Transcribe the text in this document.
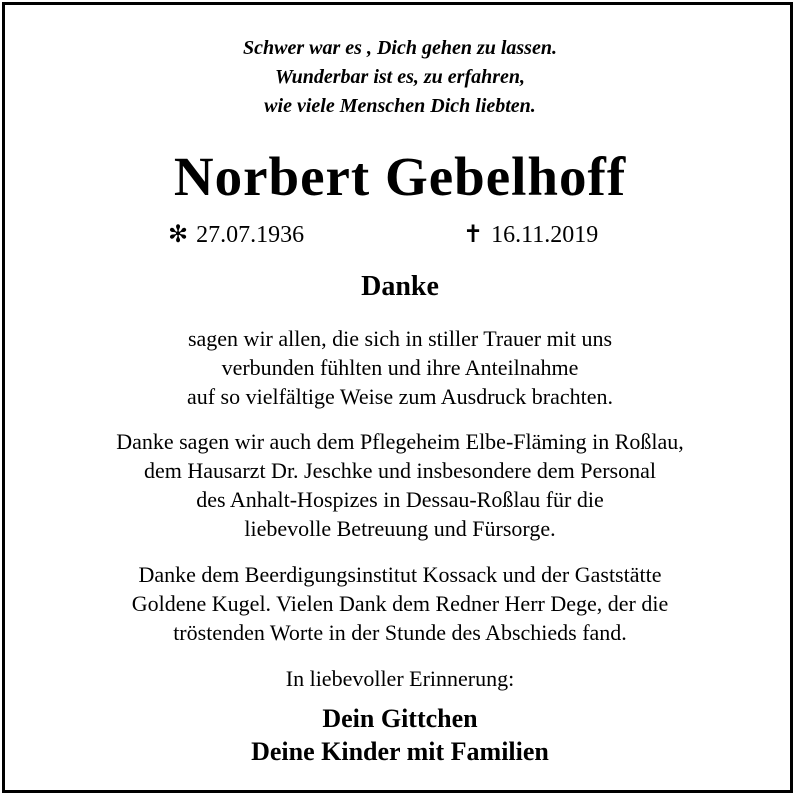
Schwer war es , Dich gehen zu lassen.
Wunderbar ist es, zu erfahren,
wie viele Menschen Dich liebten.
Norbert Gebelhoff
✻ 27.07.1936	✝ 16.11.2019
Danke
sagen wir allen, die sich in stiller Trauer mit uns
verbunden fühlten und ihre Anteilnahme
auf so vielfältige Weise zum Ausdruck brachten.
Danke sagen wir auch dem Pflegeheim Elbe-Fläming in Roßlau,
dem Hausarzt Dr. Jeschke und insbesondere dem Personal
des Anhalt-Hospizes in Dessau-Roßlau für die
liebevolle Betreuung und Fürsorge.
Danke dem Beerdigungsinstitut Kossack und der Gaststätte
Goldene Kugel. Vielen Dank dem Redner Herr Dege, der die
tröstenden Worte in der Stunde des Abschieds fand.
In liebevoller Erinnerung:
Dein Gittchen
Deine Kinder mit Familien
